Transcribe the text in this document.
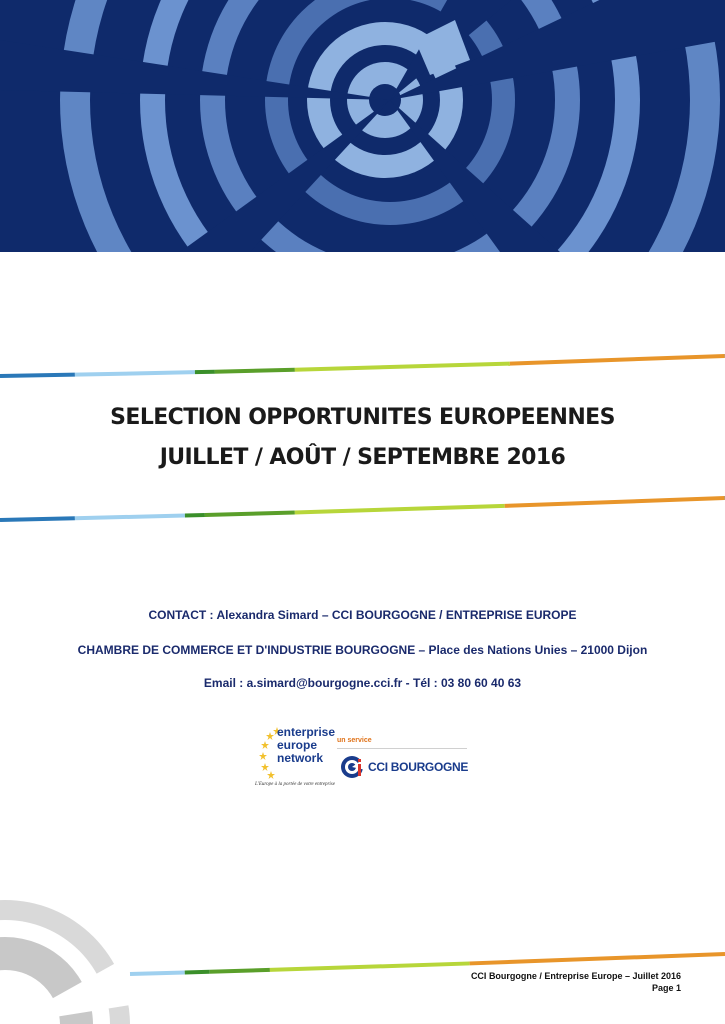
SELECTION OPPORTUNITES EUROPEENNES
JUILLET / AOÛT / SEPTEMBRE 2016
CONTACT : Alexandra Simard – CCI BOURGOGNE / ENTREPRISE EUROPE
CHAMBRE DE COMMERCE ET D'INDUSTRIE BOURGOGNE – Place des Nations Unies – 21000 Dijon
Email : a.simard@bourgogne.cci.fr - Tél : 03 80 60 40 63
enterprise
europe
network
L'Europe à la portée de votre entreprise
un service
CCI BOURGOGNE
CCI Bourgogne / Entreprise Europe – Juillet 2016
Page 1
